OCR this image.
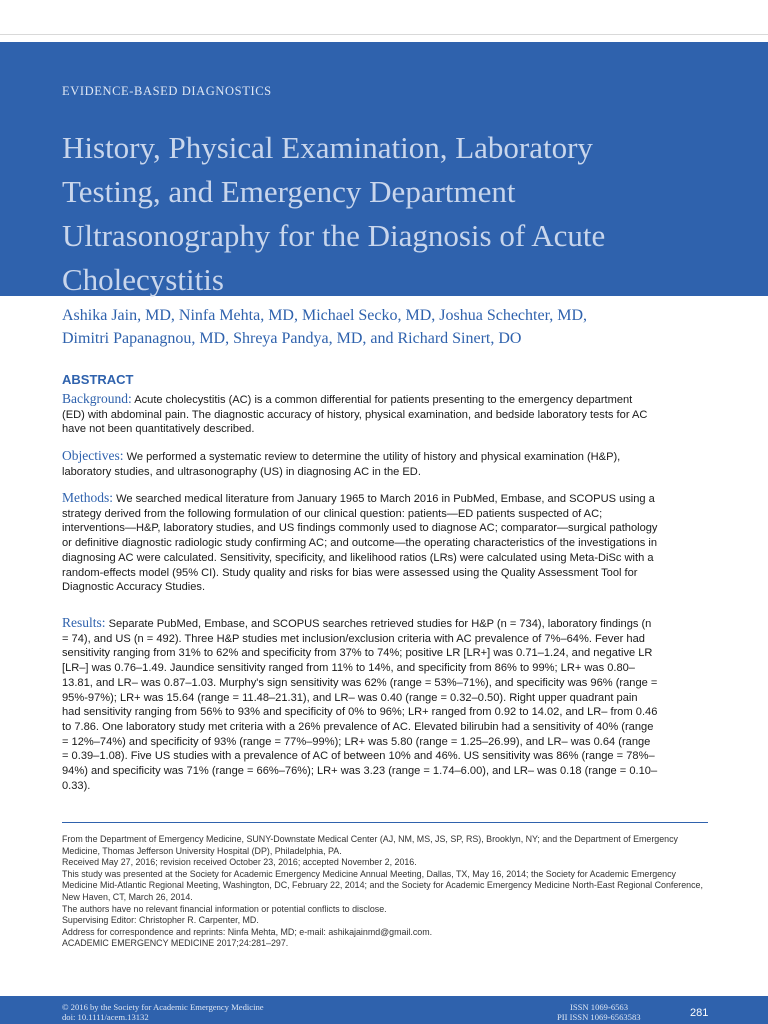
EVIDENCE-BASED DIAGNOSTICS
History, Physical Examination, Laboratory
Testing, and Emergency Department
Ultrasonography for the Diagnosis of Acute
Cholecystitis
Ashika Jain, MD, Ninfa Mehta, MD, Michael Secko, MD, Joshua Schechter, MD,
Dimitri Papanagnou, MD, Shreya Pandya, MD, and Richard Sinert, DO
ABSTRACT
Background: Acute cholecystitis (AC) is a common differential for patients presenting to the emergency department (ED) with abdominal pain. The diagnostic accuracy of history, physical examination, and bedside laboratory tests for AC have not been quantitatively described.
Objectives: We performed a systematic review to determine the utility of history and physical examination (H&P), laboratory studies, and ultrasonography (US) in diagnosing AC in the ED.
Methods: We searched medical literature from January 1965 to March 2016 in PubMed, Embase, and SCOPUS using a strategy derived from the following formulation of our clinical question: patients—ED patients suspected of AC; interventions—H&P, laboratory studies, and US findings commonly used to diagnose AC; comparator—surgical pathology or definitive diagnostic radiologic study confirming AC; and outcome—the operating characteristics of the investigations in diagnosing AC were calculated. Sensitivity, specificity, and likelihood ratios (LRs) were calculated using Meta-DiSc with a random-effects model (95% CI). Study quality and risks for bias were assessed using the Quality Assessment Tool for Diagnostic Accuracy Studies.
Results: Separate PubMed, Embase, and SCOPUS searches retrieved studies for H&P (n = 734), laboratory findings (n = 74), and US (n = 492). Three H&P studies met inclusion/exclusion criteria with AC prevalence of 7%–64%. Fever had sensitivity ranging from 31% to 62% and specificity from 37% to 74%; positive LR [LR+] was 0.71–1.24, and negative LR [LR–] was 0.76–1.49. Jaundice sensitivity ranged from 11% to 14%, and specificity from 86% to 99%; LR+ was 0.80–13.81, and LR– was 0.87–1.03. Murphy's sign sensitivity was 62% (range = 53%–71%), and specificity was 96% (range = 95%-97%); LR+ was 15.64 (range = 11.48–21.31), and LR– was 0.40 (range = 0.32–0.50). Right upper quadrant pain had sensitivity ranging from 56% to 93% and specificity of 0% to 96%; LR+ ranged from 0.92 to 14.02, and LR– from 0.46 to 7.86. One laboratory study met criteria with a 26% prevalence of AC. Elevated bilirubin had a sensitivity of 40% (range = 12%–74%) and specificity of 93% (range = 77%–99%); LR+ was 5.80 (range = 1.25–26.99), and LR– was 0.64 (range = 0.39–1.08). Five US studies with a prevalence of AC of between 10% and 46%. US sensitivity was 86% (range = 78%–94%) and specificity was 71% (range = 66%–76%); LR+ was 3.23 (range = 1.74–6.00), and LR– was 0.18 (range = 0.10–0.33).

From the Department of Emergency Medicine, SUNY-Downstate Medical Center (AJ, NM, MS, JS, SP, RS), Brooklyn, NY; and the Department of Emergency Medicine, Thomas Jefferson University Hospital (DP), Philadelphia, PA.

Received May 27, 2016; revision received October 23, 2016; accepted November 2, 2016.

This study was presented at the Society for Academic Emergency Medicine Annual Meeting, Dallas, TX, May 16, 2014; the Society for Academic Emergency Medicine Mid-Atlantic Regional Meeting, Washington, DC, February 22, 2014; and the Society for Academic Emergency Medicine North-East Regional Conference, New Haven, CT, March 26, 2014.

The authors have no relevant financial information or potential conflicts to disclose.

Supervising Editor: Christopher R. Carpenter, MD.

Address for correspondence and reprints: Ninfa Mehta, MD; e-mail: ashikajainmd@gmail.com.

ACADEMIC EMERGENCY MEDICINE 2017;24:281–297.

© 2016 by the Society for Academic Emergency Medicine
doi: 10.1111/acem.13132
ISSN 1069-6563
PII ISSN 1069-6563583	281
